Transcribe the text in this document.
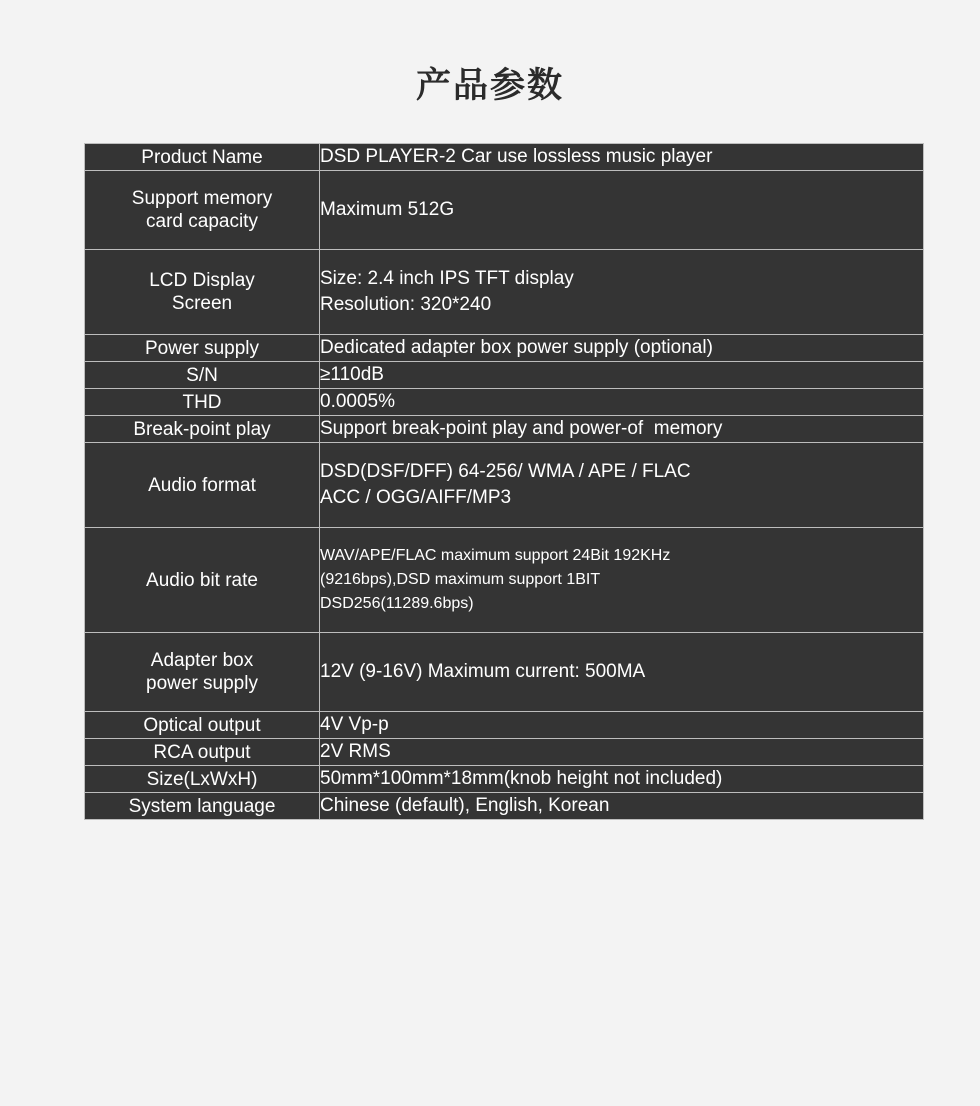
产品参数
Product Name	DSD PLAYER-2 Car use lossless music player

Support memory
card capacity	Maximum 512G

LCD Display
Screen	Size: 2.4 inch IPS TFT display
Resolution: 320*240

Power supply	Dedicated adapter box power supply (optional)

S/N	≥110dB

THD	0.0005%

Break-point play	Support break-point play and power-of  memory

Audio format	DSD(DSF/DFF) 64-256/ WMA / APE / FLAC
ACC / OGG/AIFF/MP3

Audio bit rate	WAV/APE/FLAC maximum support 24Bit 192KHz
(9216bps),DSD maximum support 1BIT
DSD256(11289.6bps)

Adapter box
power supply	12V (9-16V) Maximum current: 500MA

Optical output	4V Vp-p

RCA output	2V RMS

Size(LxWxH)	50mm*100mm*18mm(knob height not included)

System language	Chinese (default), English, Korean
